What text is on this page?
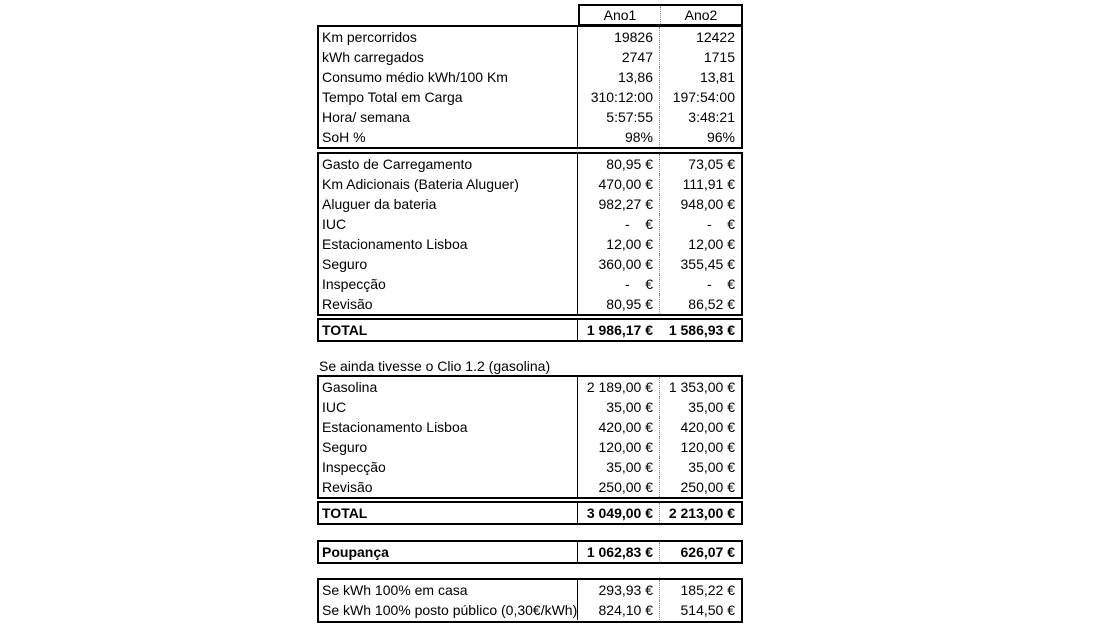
Ano1	Ano2
Km percorridos	19826	12422
kWh carregados	2747	1715
Consumo médio kWh/100 Km	13,86	13,81
Tempo Total em Carga	310:12:00	197:54:00
Hora/ semana	5:57:55	3:48:21
SoH %	98%	96%
Gasto de Carregamento	80,95 €	73,05 €
Km Adicionais (Bateria Aluguer)	470,00 €	111,91 €
Aluguer da bateria	982,27 €	948,00 €
IUC	-    €	-    €
Estacionamento Lisboa	12,00 €	12,00 €
Seguro	360,00 €	355,45 €
Inspecção	-    €	-    €
Revisão	80,95 €	86,52 €
TOTAL	1 986,17 €	1 586,93 €
Se ainda tivesse o Clio 1.2 (gasolina)
Gasolina	2 189,00 €	1 353,00 €
IUC	35,00 €	35,00 €
Estacionamento Lisboa	420,00 €	420,00 €
Seguro	120,00 €	120,00 €
Inspecção	35,00 €	35,00 €
Revisão	250,00 €	250,00 €
TOTAL	3 049,00 €	2 213,00 €
Poupança	1 062,83 €	626,07 €
Se kWh 100% em casa	293,93 €	185,22 €
Se kWh 100% posto público (0,30€/kWh)	824,10 €	514,50 €
